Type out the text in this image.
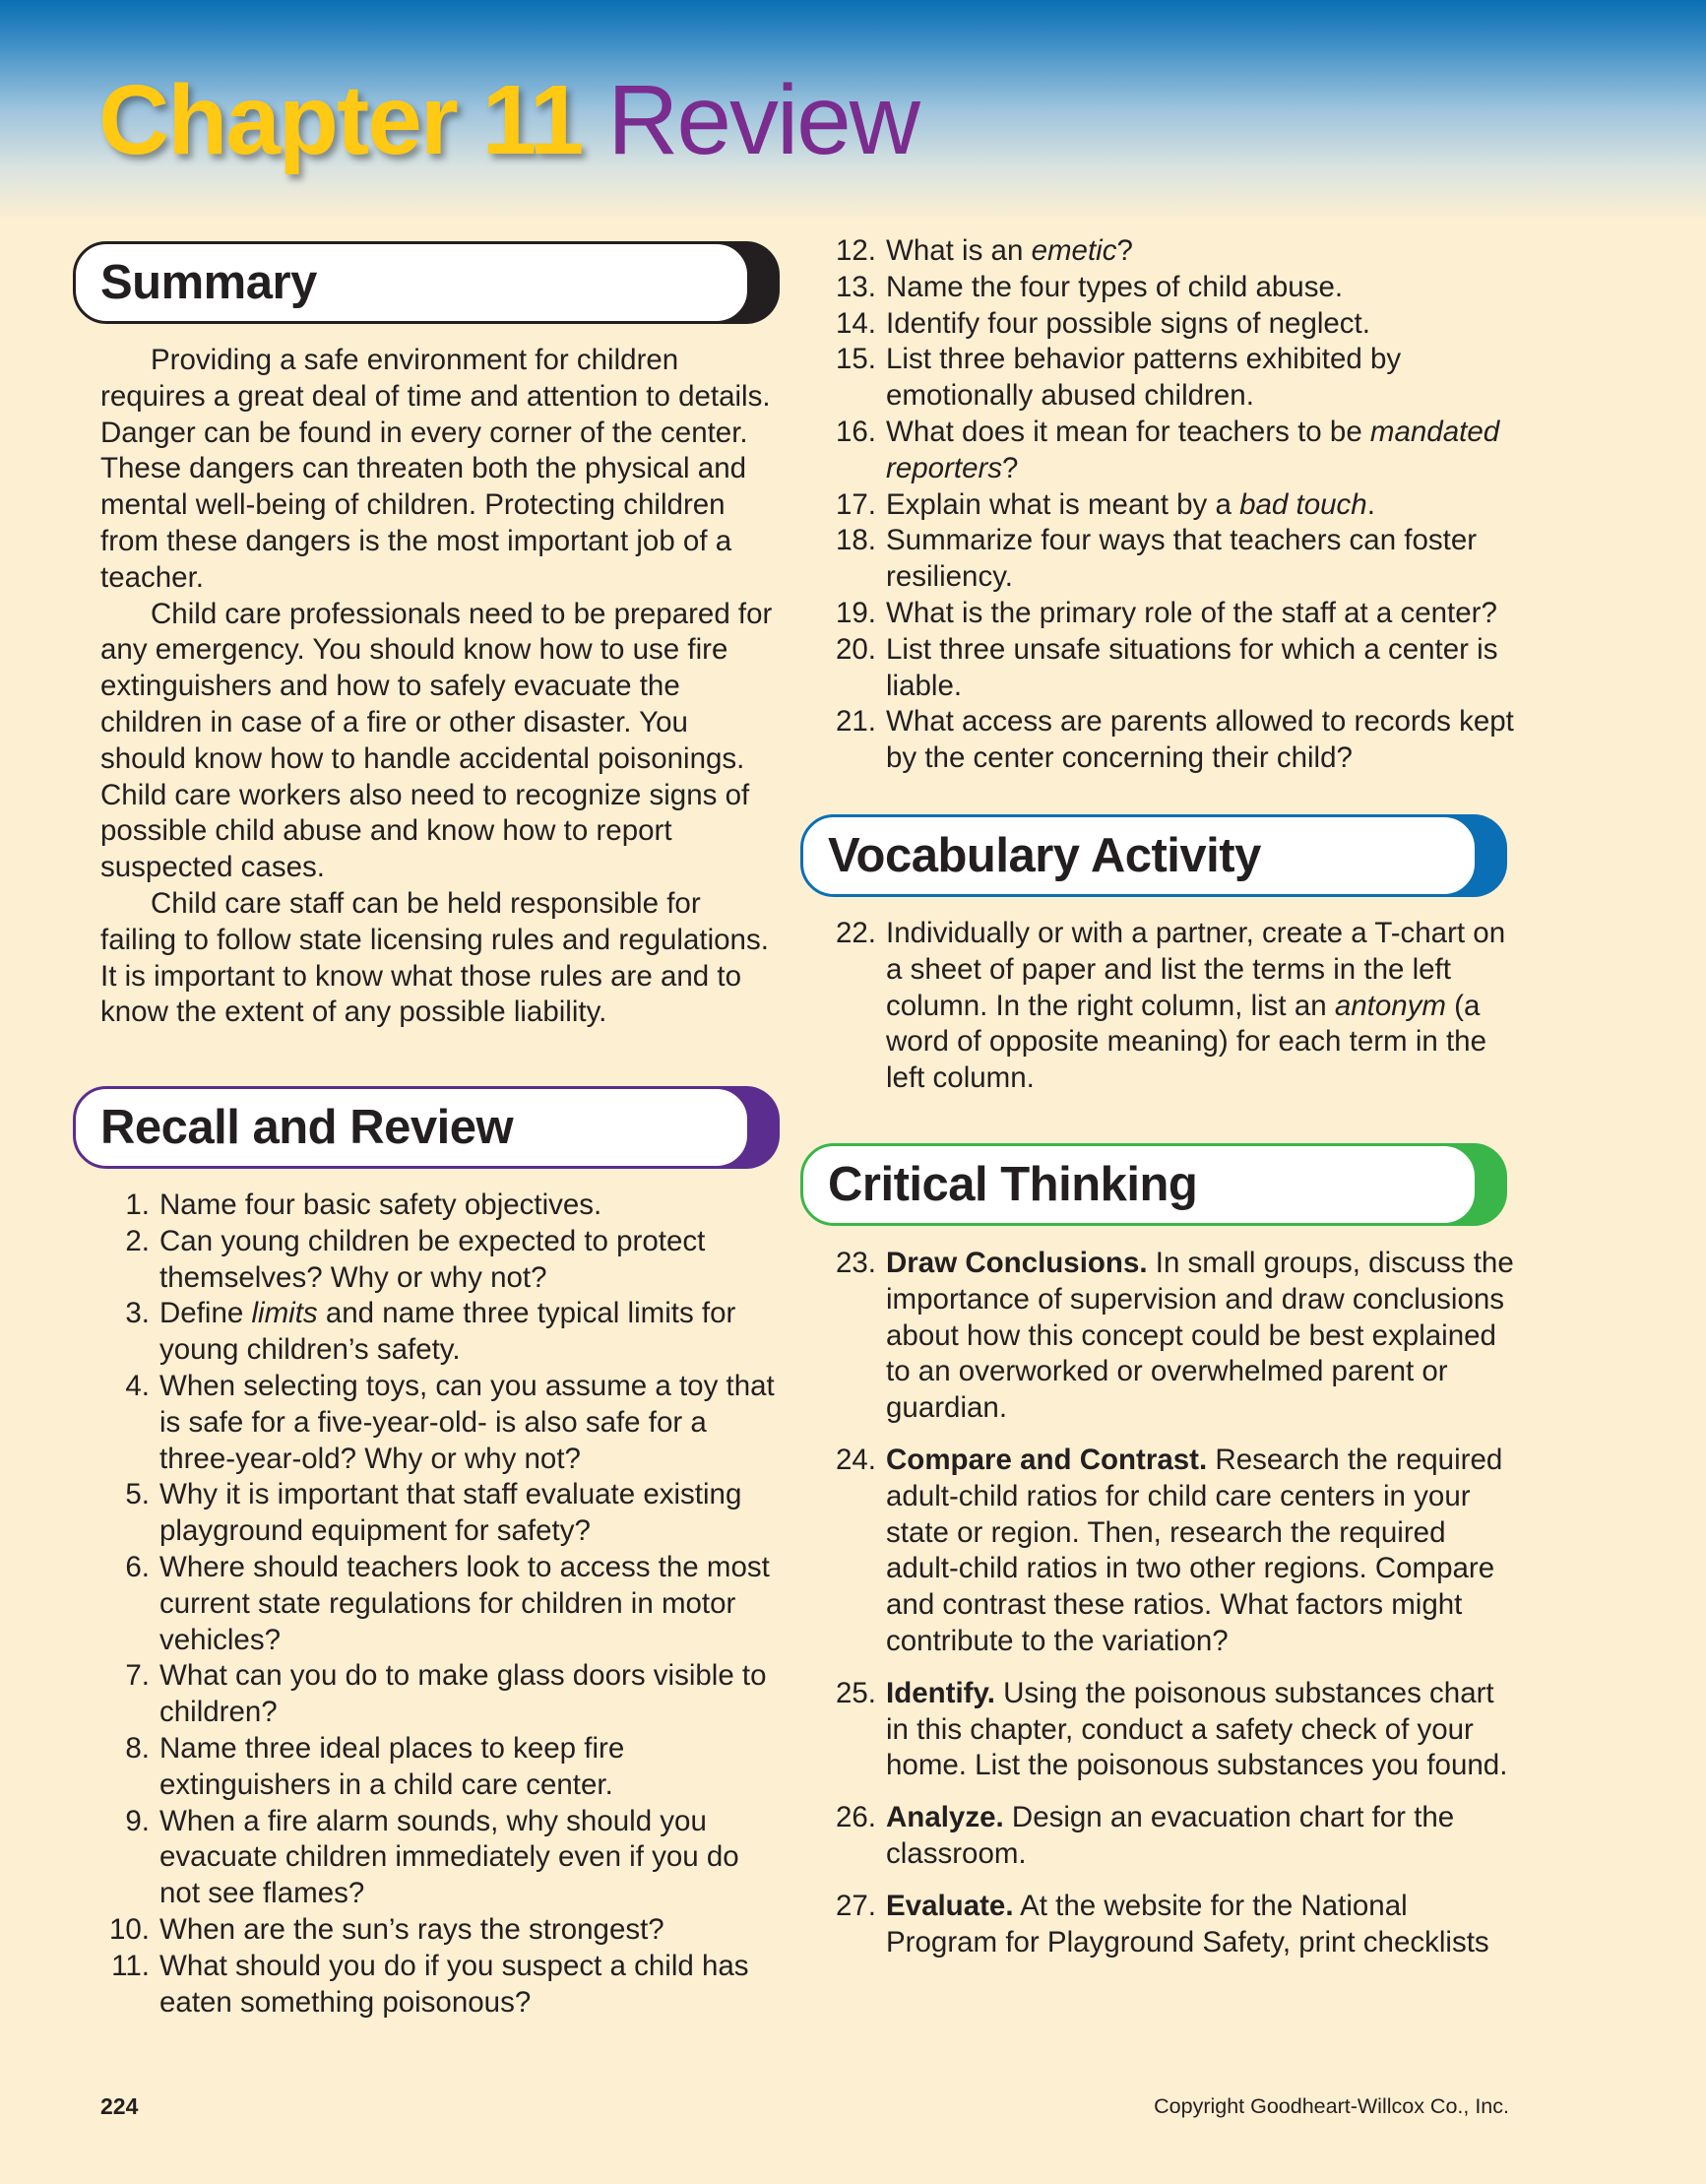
Chapter 11 Review
Summary

Providing a safe environment for children requires a great deal of time and attention to details. Danger can be found in every corner of the center. These dangers can threaten both the physical and mental well-being of children. Protecting children from these dangers is the most important job of a teacher.

Child care professionals need to be prepared for any emergency. You should know how to use fire extinguishers and how to safely evacuate the children in case of a fire or other disaster. You should know how to handle accidental poisonings. Child care workers also need to recognize signs of possible child abuse and know how to report suspected cases.

Child care staff can be held responsible for failing to follow state licensing rules and regulations. It is important to know what those rules are and to know the extent of any possible liability.

Recall and Review
1. Name four basic safety objectives.
2. Can young children be expected to protect themselves? Why or why not?
3. Define limits and name three typical limits for young children’s safety.
4. When selecting toys, can you assume a toy that is safe for a five-year-old- is also safe for a three-year-old? Why or why not?
5. Why it is important that staff evaluate existing playground equipment for safety?
6. Where should teachers look to access the most current state regulations for children in motor vehicles?
7. What can you do to make glass doors visible to children?
8. Name three ideal places to keep fire extinguishers in a child care center.
9. When a fire alarm sounds, why should you evacuate children immediately even if you do not see flames?
10. When are the sun’s rays the strongest?
11. What should you do if you suspect a child has eaten something poisonous?
12. What is an emetic?
13. Name the four types of child abuse.
14. Identify four possible signs of neglect.
15. List three behavior patterns exhibited by emotionally abused children.
16. What does it mean for teachers to be mandated reporters?
17. Explain what is meant by a bad touch.
18. Summarize four ways that teachers can foster resiliency.
19. What is the primary role of the staff at a center?
20. List three unsafe situations for which a center is liable.
21. What access are parents allowed to records kept by the center concerning their child?
Vocabulary Activity
22. Individually or with a partner, create a T-chart on a sheet of paper and list the terms in the left column. In the right column, list an antonym (a word of opposite meaning) for each term in the left column.
Critical Thinking
23. Draw Conclusions. In small groups, discuss the importance of supervision and draw conclusions about how this concept could be best explained to an overworked or overwhelmed parent or guardian.
24. Compare and Contrast. Research the required adult-child ratios for child care centers in your state or region. Then, research the required adult-child ratios in two other regions. Compare and contrast these ratios. What factors might contribute to the variation?
25. Identify. Using the poisonous substances chart in this chapter, conduct a safety check of your home. List the poisonous substances you found.
26. Analyze. Design an evacuation chart for the classroom.
27. Evaluate. At the website for the National Program for Playground Safety, print checklists
224	Copyright Goodheart-Willcox Co., Inc.
